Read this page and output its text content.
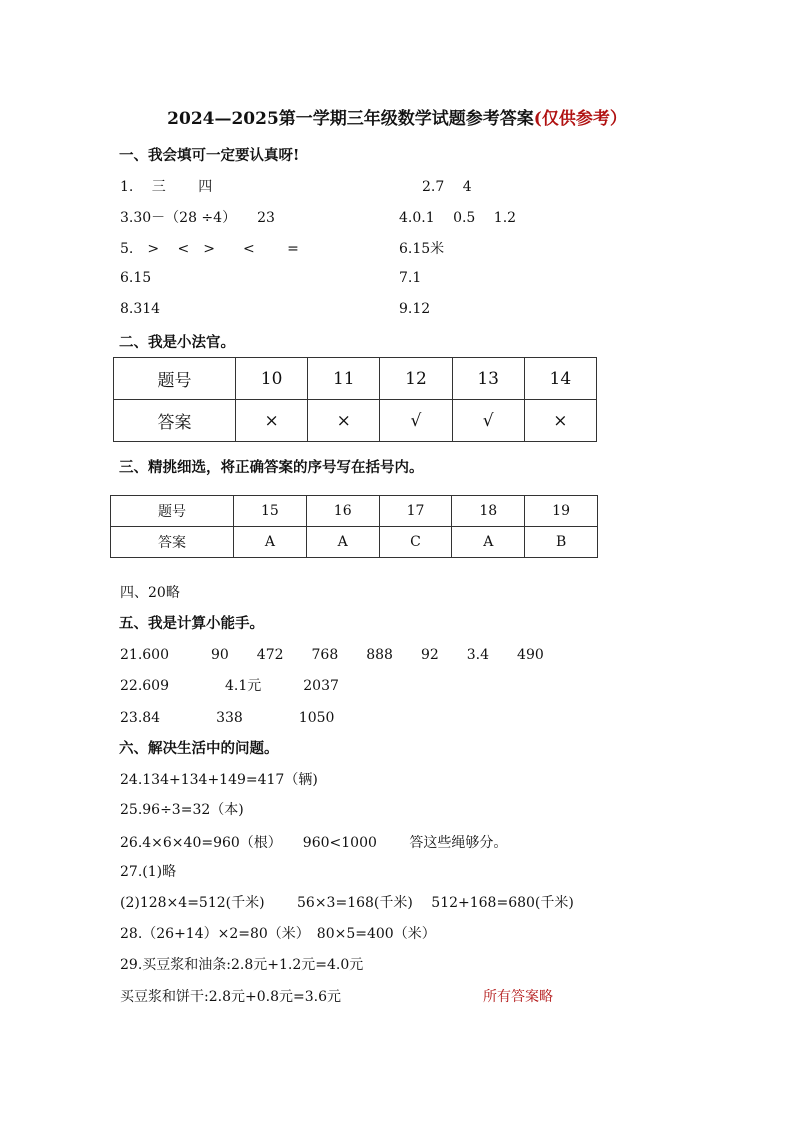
2024—2025第一学期三年级数学试题参考答案(仅供参考）
一、我会填可一定要认真呀!
1.　 三　　 四	2.7　 4
3.30－（28 ÷4）　　23	4.0.1　 0.5　 1.2
5.　>　 <　>　　<　　 =	6.15米
6.15	7.1
8.314	9.12
二、我是小法官。
题号	10	11	12	13	14
答案	×	×	√	√	×
三、精挑细选，将正确答案的序号写在括号内。
题号	15	16	17	18	19
答案	A	A	C	A	B
四、20略
五、我是计算小能手。
21.600　　　90　　472　　768　　888　　92　　3.4　　490
22.609　　　　4.1元　　　2037
23.84　　　　338　　　　1050
六、解决生活中的问题。
24.134+134+149=417（辆)
25.96÷3=32（本)
26.4×6×40=960（根）　　960<1000　　 答这些绳够分。
27.(1)略
(2)128×4=512(千米)　　 56×3=168(千米)　 512+168=680(千米)
28.（26+14）×2=80（米）　80×5=400（米）
29.买豆浆和油条:2.8元+1.2元=4.0元
买豆浆和饼干:2.8元+0.8元=3.6元	所有答案略
